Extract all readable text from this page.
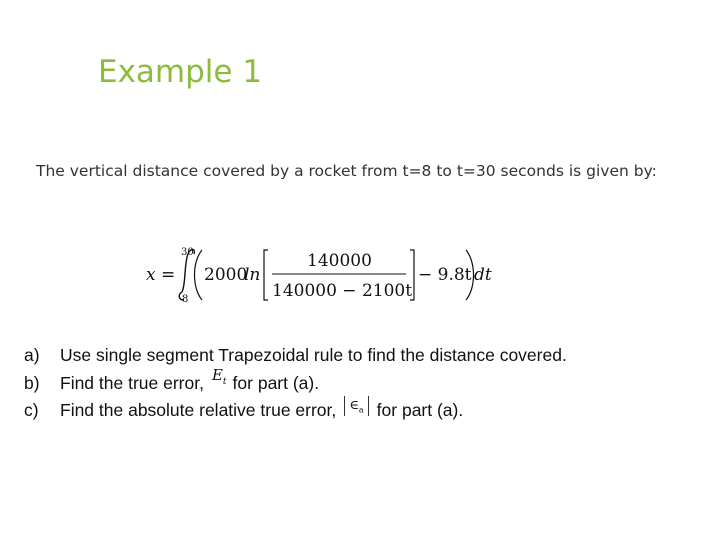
Example 1
The vertical distance covered by a rocket from t=8 to t=30 seconds is given by:
x =
30
8
2000
ln
140000
140000 − 2100t
− 9.8t dt
a)	Use single segment Trapezoidal rule to find the distance covered.
b)	Find the true error, $E_t$ for part (a).
c)	Find the absolute relative true error,	$\in_a$ for part (a).
